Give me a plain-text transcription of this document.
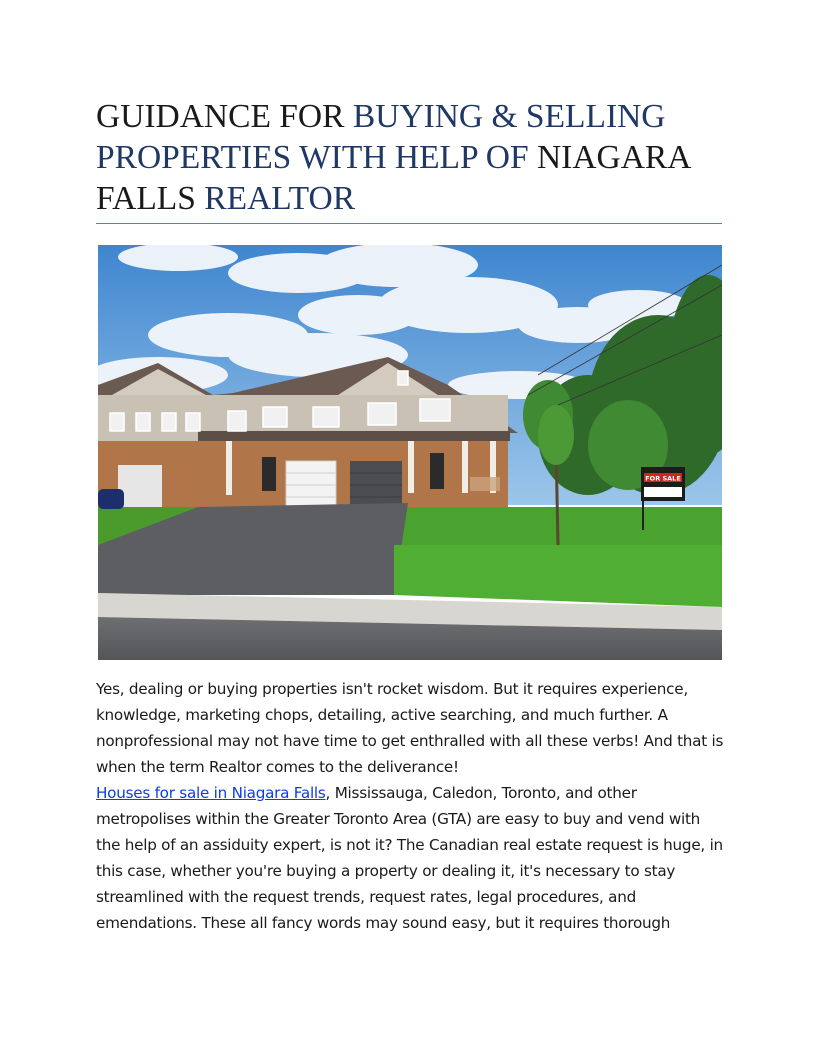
GUIDANCE FOR BUYING & SELLING PROPERTIES WITH HELP OF NIAGARA FALLS REALTOR
FOR SALE

Yes, dealing or buying properties isn't rocket wisdom. But it requires experience, knowledge, marketing chops, detailing, active searching, and much further. A nonprofessional may not have time to get enthralled with all these verbs! And that is when the term Realtor comes to the deliverance!

Houses for sale in Niagara Falls, Mississauga, Caledon, Toronto, and other metropolises within the Greater Toronto Area (GTA) are easy to buy and vend with the help of an assiduity expert, is not it? The Canadian real estate request is huge, in this case, whether you're buying a property or dealing it, it's necessary to stay streamlined with the request trends, request rates, legal procedures, and emendations. These all fancy words may sound easy, but it requires thorough
